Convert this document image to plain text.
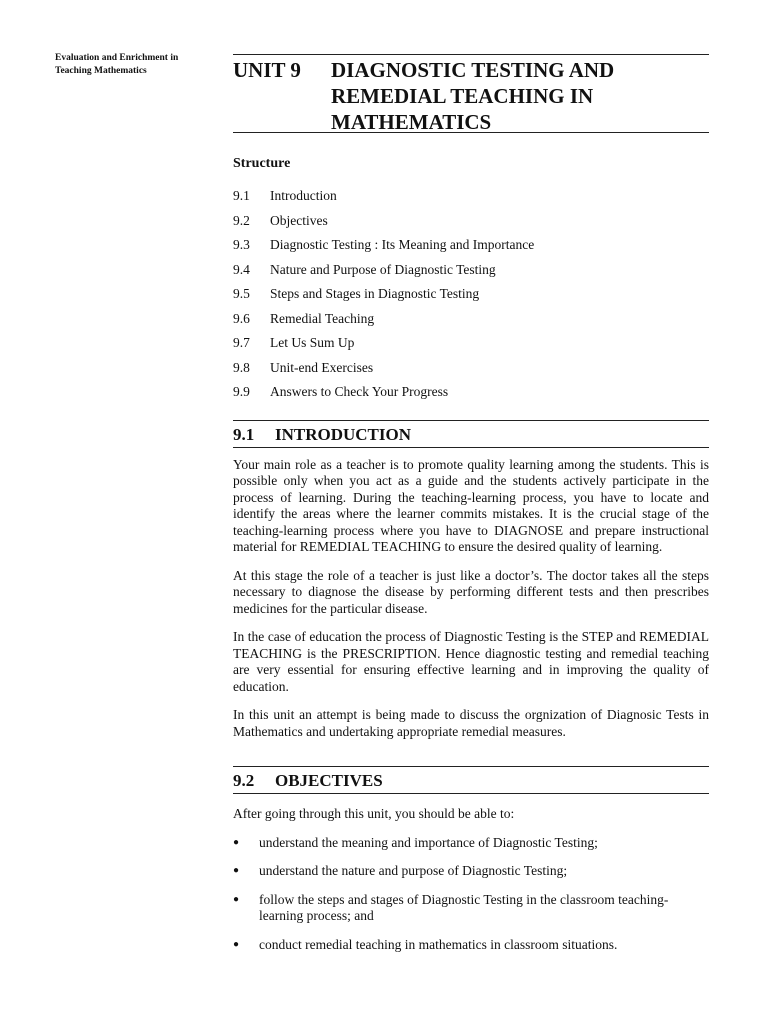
Evaluation and Enrichment in
Teaching Mathematics	UNIT 9	DIAGNOSTIC TESTING AND
REMEDIAL TEACHING IN
MATHEMATICS
Structure
9.1	Introduction
9.2	Objectives
9.3	Diagnostic Testing : Its Meaning and Importance
9.4	Nature and Purpose of Diagnostic Testing
9.5	Steps and Stages in Diagnostic Testing
9.6	Remedial Teaching
9.7	Let Us Sum Up
9.8	Unit-end Exercises
9.9	Answers to Check Your Progress
9.1 INTRODUCTION

Your main role as a teacher is to promote quality learning among the students. This is possible only when you act as a guide and the students actively participate in the process of learning. During the teaching-learning process, you have to locate and identify the areas where the learner commits mistakes. It is the crucial stage of the teaching-learning process where you have to DIAGNOSE and prepare instructional material for REMEDIAL TEACHING to ensure the desired quality of learning.

At this stage the role of a teacher is just like a doctor’s. The doctor takes all the steps necessary to diagnose the disease by performing different tests and then prescribes medicines for the particular disease.

In the case of education the process of Diagnostic Testing is the STEP and REMEDIAL TEACHING is the PRESCRIPTION. Hence diagnostic testing and remedial teaching are very essential for ensuring effective learning and in improving the quality of education.

In this unit an attempt is being made to discuss the orgnization of Diagnosic Tests in Mathematics and undertaking appropriate remedial measures.

9.2 OBJECTIVES

After going through this unit, you should be able to:

●	understand the meaning and importance of Diagnostic Testing;
●	understand the nature and purpose of Diagnostic Testing;
●	follow the steps and stages of Diagnostic Testing in the classroom teaching-learning process; and
●	conduct remedial teaching in mathematics in classroom situations.
